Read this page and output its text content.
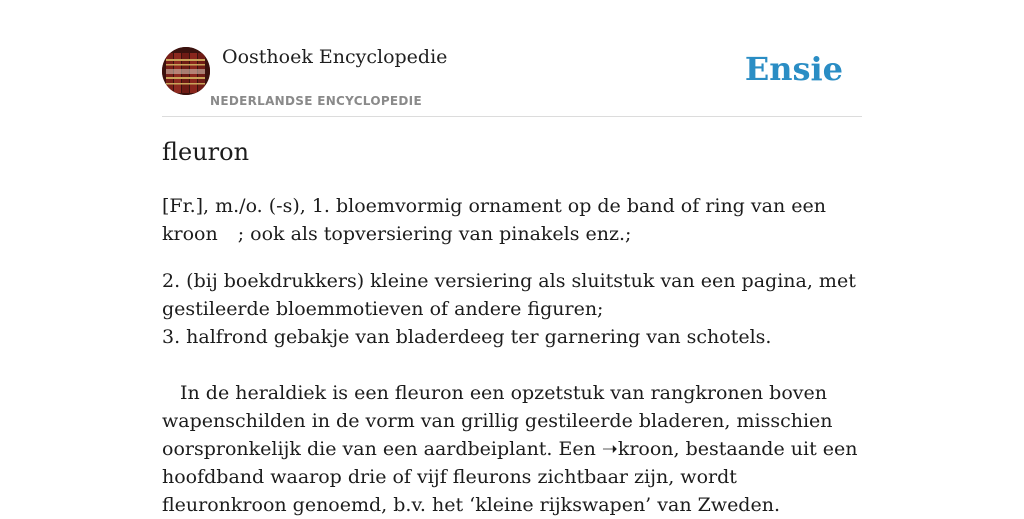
Oosthoek Encyclopedie
NEDERLANDSE ENCYCLOPEDIE
Ensie
fleuron

[Fr.], m./o. (-s), 1. bloemvormig ornament op de band of ring van een kroon ; ook als topversiering van pinakels enz.;

2. (bij boekdrukkers) kleine versiering als sluitstuk van een pagina, met gestileerde bloemmotieven of andere figuren;

3. halfrond gebakje van bladerdeeg ter garnering van schotels.

In de heraldiek is een fleuron een opzetstuk van rangkronen boven wapenschilden in de vorm van grillig gestileerde bladeren, misschien oorspronkelijk die van een aardbeiplant. Een ➝kroon, bestaande uit een hoofdband waarop drie of vijf fleurons zichtbaar zijn, wordt fleuronkroon genoemd, b.v. het ‘kleine rijkswapen’ van Zweden.
